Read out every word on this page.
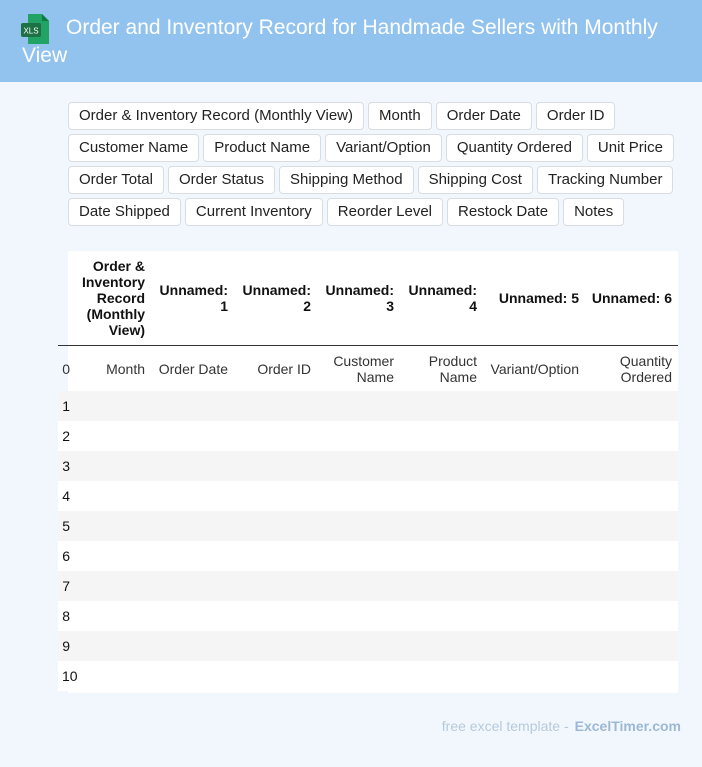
XLS	Order and Inventory Record for Handmade Sellers with Monthly View
Order & Inventory Record (Monthly View)	Month	Order Date	Order ID
Customer Name	Product Name	Variant/Option	Quantity Ordered	Unit Price
Order Total	Order Status	Shipping Method	Shipping Cost	Tracking Number
Date Shipped	Current Inventory	Reorder Level	Restock Date	Notes
	Order & Inventory Record (Monthly View)	Unnamed: 1	Unnamed: 2	Unnamed: 3	Unnamed: 4	Unnamed: 5	Unnamed: 6
0	Month	Order Date	Order ID	Customer Name	Product Name	Variant/Option	Quantity Ordered
1							
2							
3							
4							
5							
6							
7							
8							
9							
10							
free excel template - ExcelTimer.com
